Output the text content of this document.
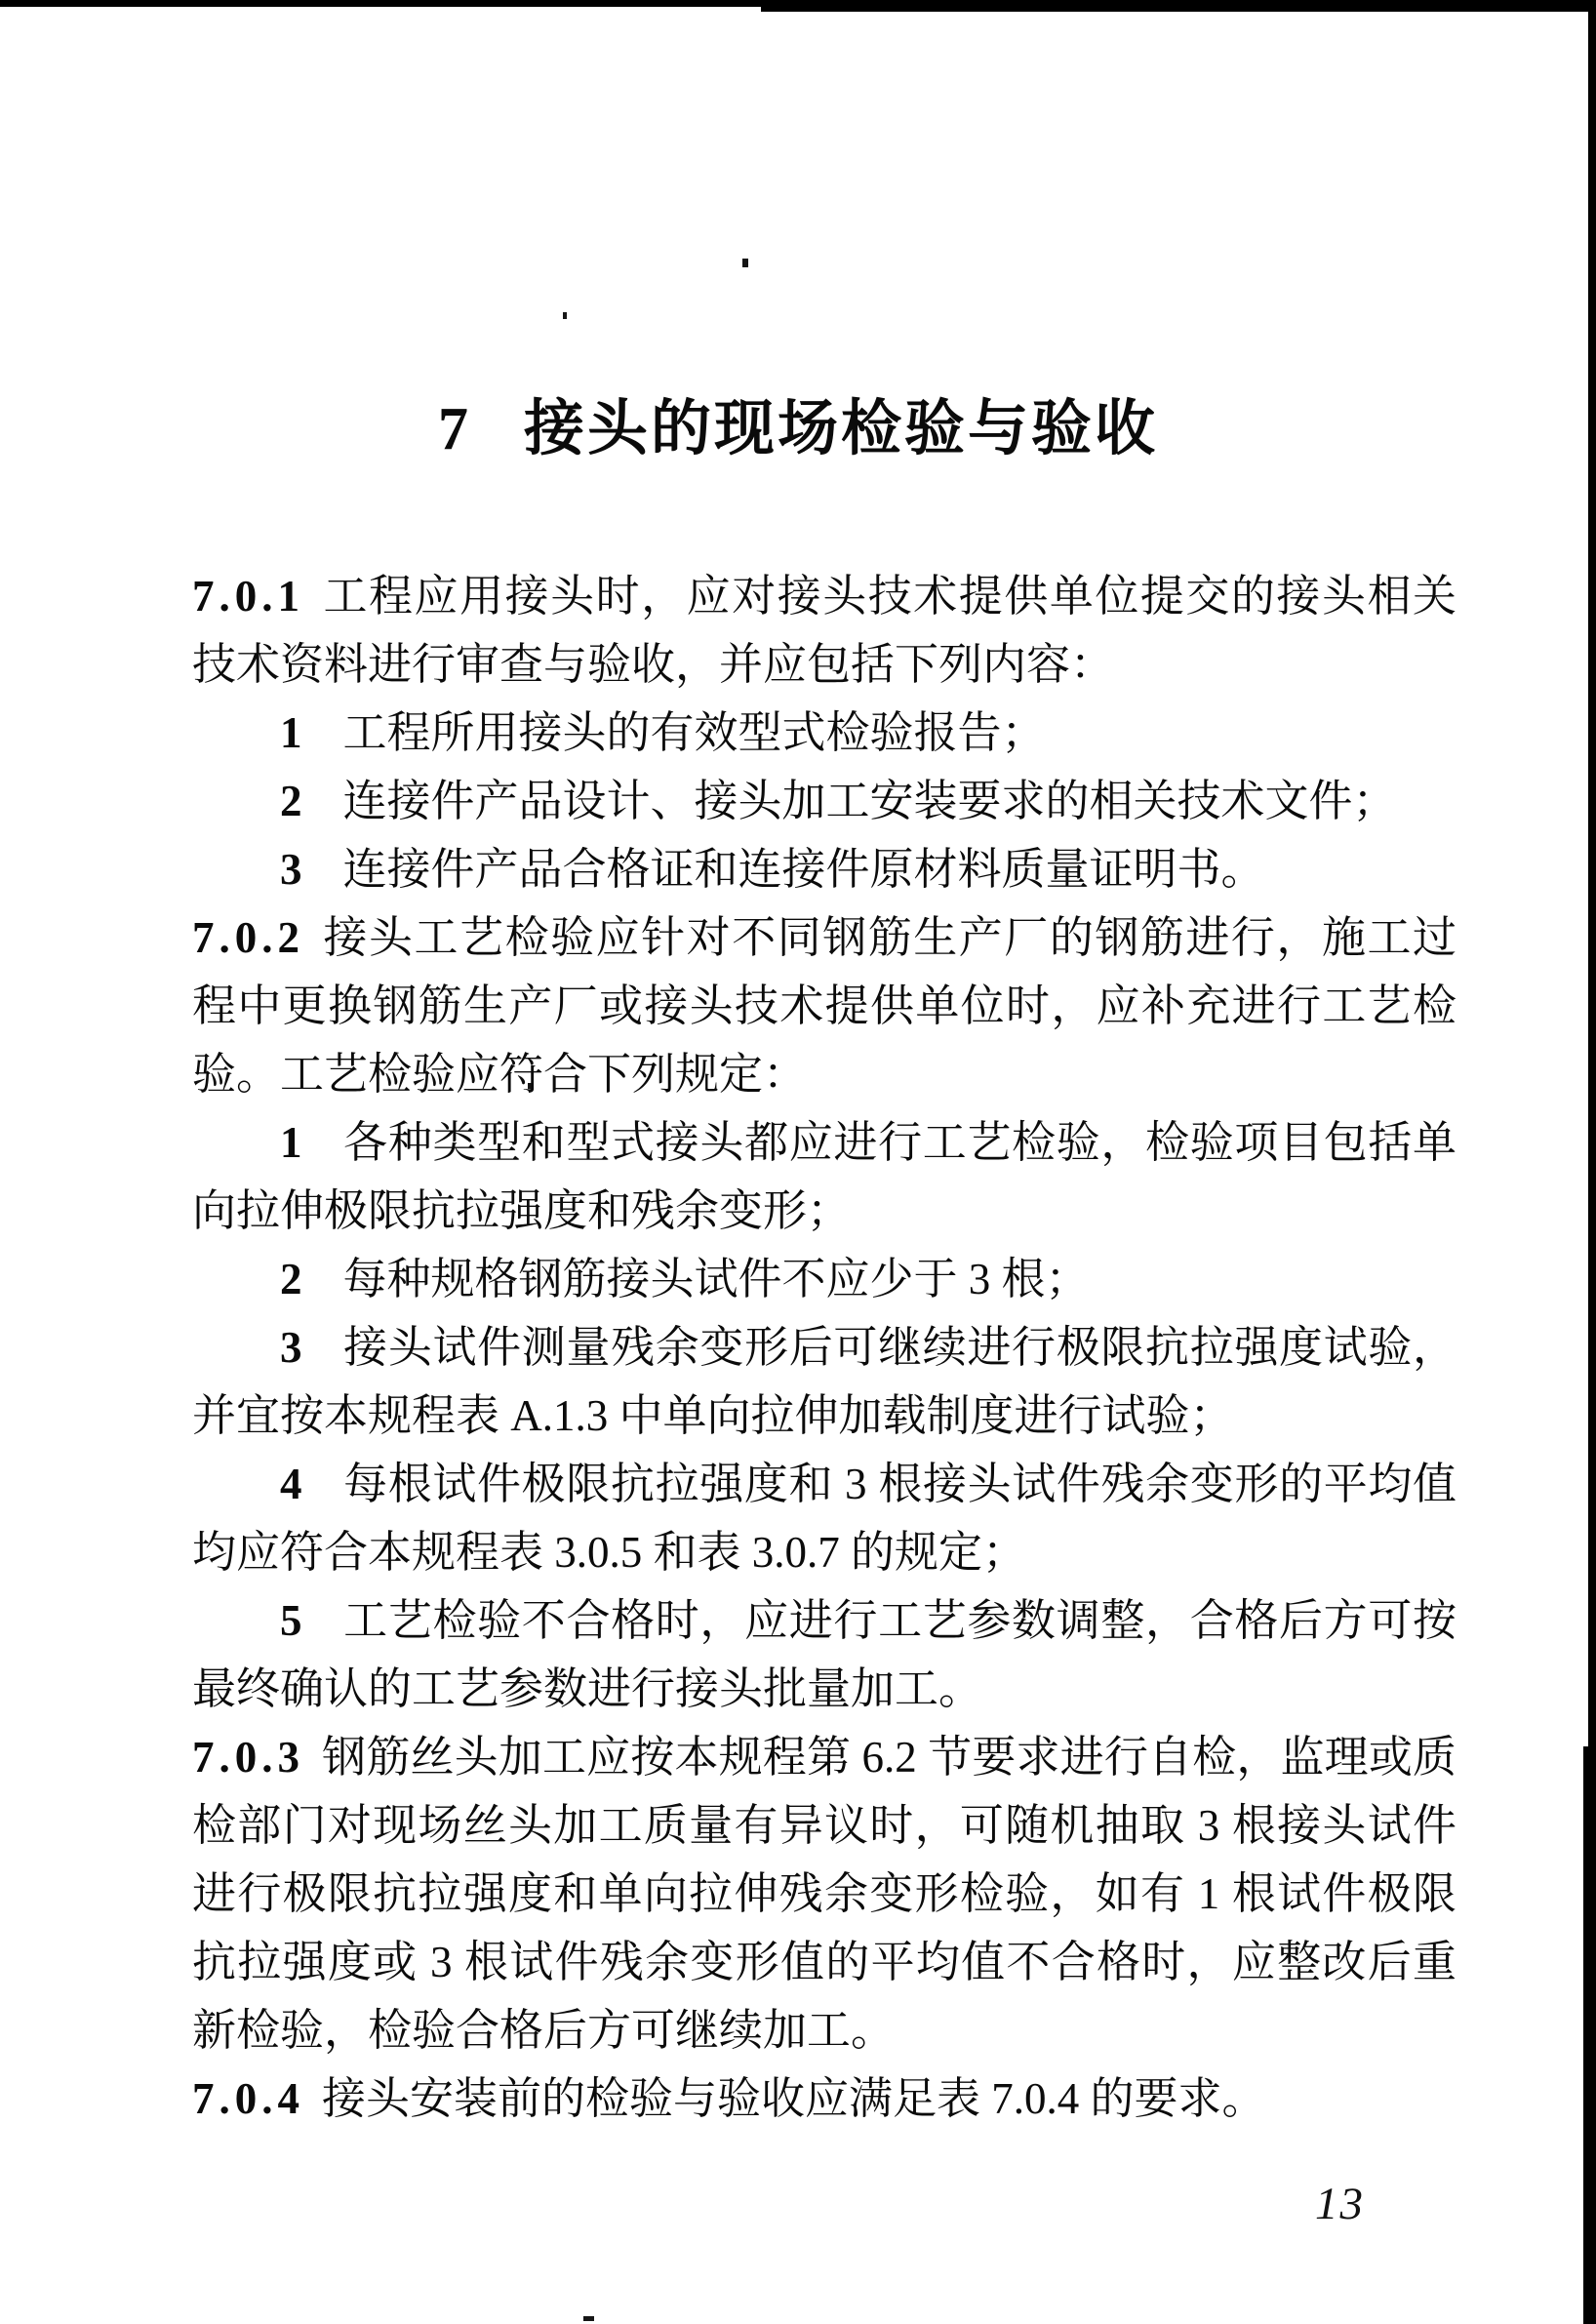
7 接头的现场检验与验收

7.0.1 工程应用接头时，应对接头技术提供单位提交的接头相关技术资料进行审查与验收，并应包括下列内容：

1 工程所用接头的有效型式检验报告；

2 连接件产品设计、接头加工安装要求的相关技术文件；

3 连接件产品合格证和连接件原材料质量证明书。

7.0.2 接头工艺检验应针对不同钢筋生产厂的钢筋进行，施工过程中更换钢筋生产厂或接头技术提供单位时，应补充进行工艺检验。工艺检验应符合下列规定：

1 各种类型和型式接头都应进行工艺检验，检验项目包括单向拉伸极限抗拉强度和残余变形；

2 每种规格钢筋接头试件不应少于 3 根；

3 接头试件测量残余变形后可继续进行极限抗拉强度试验，并宜按本规程表 A.1.3 中单向拉伸加载制度进行试验；

4 每根试件极限抗拉强度和 3 根接头试件残余变形的平均值均应符合本规程表 3.0.5 和表 3.0.7 的规定；

5 工艺检验不合格时，应进行工艺参数调整，合格后方可按最终确认的工艺参数进行接头批量加工。

7.0.3 钢筋丝头加工应按本规程第 6.2 节要求进行自检，监理或质检部门对现场丝头加工质量有异议时，可随机抽取 3 根接头试件进行极限抗拉强度和单向拉伸残余变形检验，如有 1 根试件极限抗拉强度或 3 根试件残余变形值的平均值不合格时，应整改后重新检验，检验合格后方可继续加工。

7.0.4 接头安装前的检验与验收应满足表 7.0.4 的要求。

13
